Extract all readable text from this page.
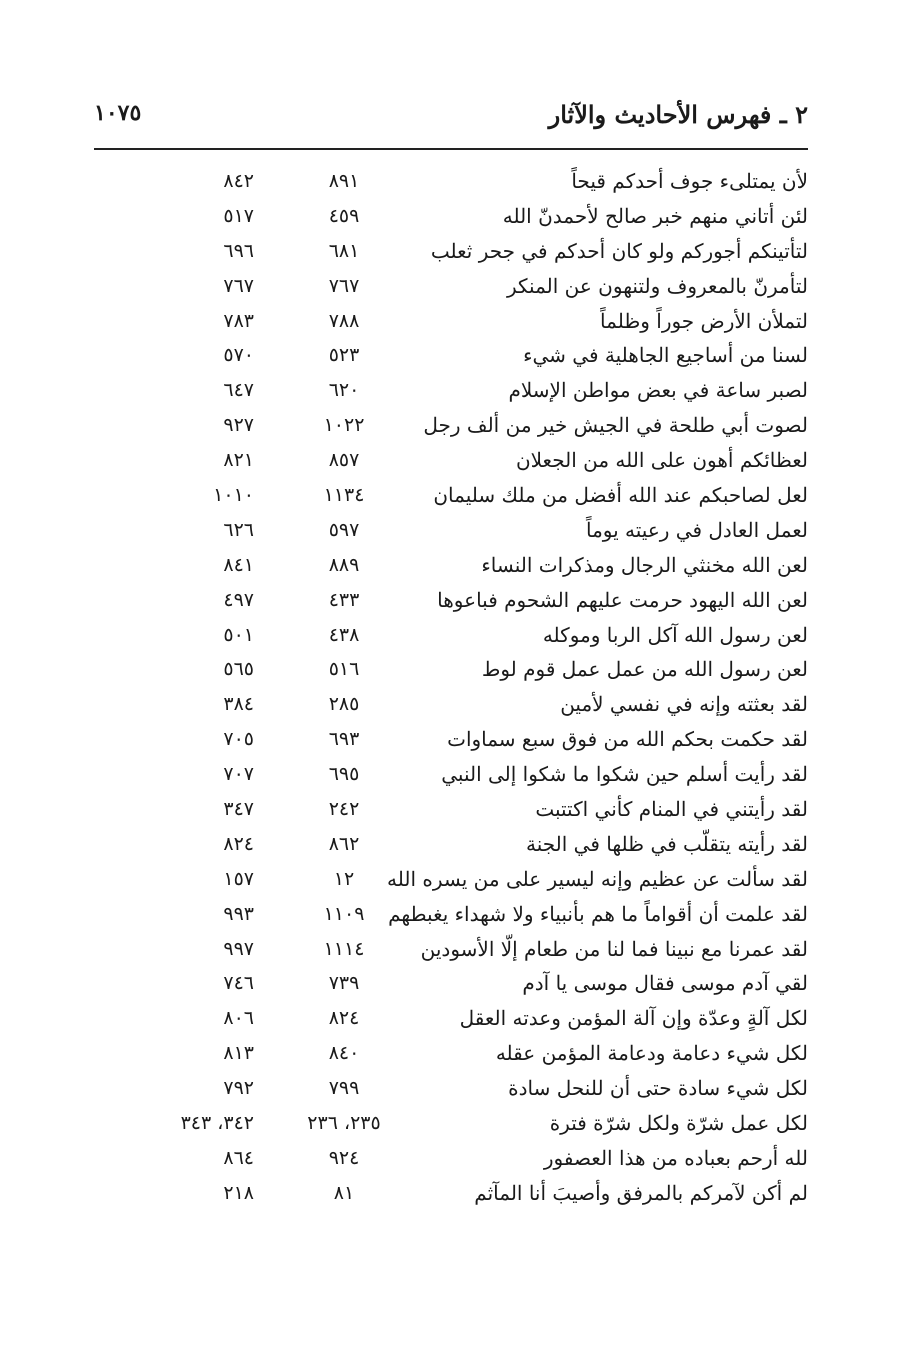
٢ ـ فهرس الأحاديث والآثار
١٠٧٥
لأن يمتلىء جوف أحدكم قيحاً
٨٩١
٨٤٢
لئن أتاني منهم خبر صالح لأحمدنّ الله
٤٥٩
٥١٧
لتأتينكم أجوركم ولو كان أحدكم في جحر ثعلب
٦٨١
٦٩٦
لتأمرنّ بالمعروف ولتنهون عن المنكر
٧٦٧
٧٦٧
لتملأن الأرض جوراً وظلماً
٧٨٨
٧٨٣
لسنا من أساجيع الجاهلية في شيء
٥٢٣
٥٧٠
لصبر ساعة في بعض مواطن الإسلام
٦٢٠
٦٤٧
لصوت أبي طلحة في الجيش خير من ألف رجل
١٠٢٢
٩٢٧
لعظائكم أهون على الله من الجعلان
٨٥٧
٨٢١
لعل لصاحبكم عند الله أفضل من ملك سليمان
١١٣٤
١٠١٠
لعمل العادل في رعيته يوماً
٥٩٧
٦٢٦
لعن الله مخنثي الرجال ومذكرات النساء
٨٨٩
٨٤١
لعن الله اليهود حرمت عليهم الشحوم فباعوها
٤٣٣
٤٩٧
لعن رسول الله آكل الربا وموكله
٤٣٨
٥٠١
لعن رسول الله من عمل عمل قوم لوط
٥١٦
٥٦٥
لقد بعثته وإنه في نفسي لأمين
٢٨٥
٣٨٤
لقد حكمت بحكم الله من فوق سبع سماوات
٦٩٣
٧٠٥
لقد رأيت أسلم حين شكوا ما شكوا إلى النبي
٦٩٥
٧٠٧
لقد رأيتني في المنام كأني اكتتبت
٢٤٢
٣٤٧
لقد رأيته يتقلّب في ظلها في الجنة
٨٦٢
٨٢٤
لقد سألت عن عظيم وإنه ليسير على من يسره الله
١٢
١٥٧
لقد علمت أن أقواماً ما هم بأنبياء ولا شهداء يغبطهم
١١٠٩
٩٩٣
لقد عمرنا مع نبينا فما لنا من طعام إلّا الأسودين
١١١٤
٩٩٧
لقي آدم موسى فقال موسى يا آدم
٧٣٩
٧٤٦
لكل آلةٍ وعدّة وإن آلة المؤمن وعدته العقل
٨٢٤
٨٠٦
لكل شيء دعامة ودعامة المؤمن عقله
٨٤٠
٨١٣
لكل شيء سادة حتى أن للنحل سادة
٧٩٩
٧٩٢
لكل عمل شرّة ولكل شرّة فترة
٢٣٥، ٢٣٦
٣٤٢، ٣٤٣
لله أرحم بعباده من هذا العصفور
٩٢٤
٨٦٤
لم أكن لآمركم بالمرفق وأصيبَ أنا المآثم
٨١
٢١٨
